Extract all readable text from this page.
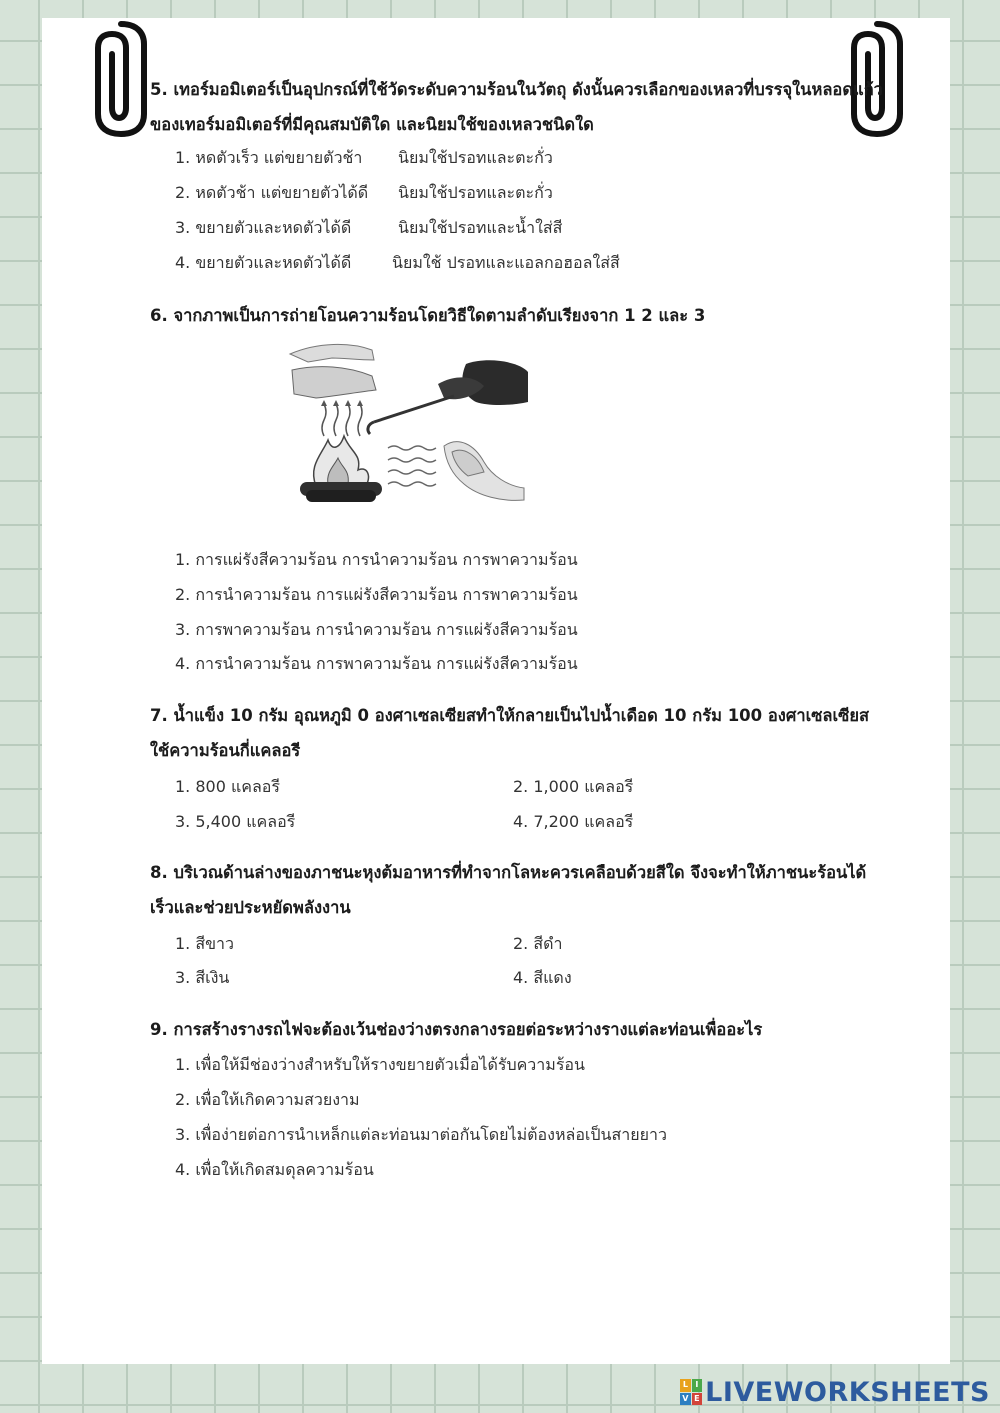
5. เทอร์มอมิเตอร์เป็นอุปกรณ์ที่ใช้วัดระดับความร้อนในวัตถุ ดังนั้นควรเลือกของเหลวที่บรรจุในหลอดแก้วของเทอร์มอมิเตอร์ที่มีคุณสมบัติใด และนิยมใช้ของเหลวชนิดใด
1. หดตัวเร็ว แต่ขยายตัวช้า นิยมใช้ปรอทและตะกั่ว
2. หดตัวช้า แต่ขยายตัวได้ดี นิยมใช้ปรอทและตะกั่ว
3. ขยายตัวและหดตัวได้ดี	นิยมใช้ปรอทและน้ำใส่สี
4. ขยายตัวและหดตัวได้ดี	นิยมใช้ ปรอทและแอลกอฮอลใส่สี
6. จากภาพเป็นการถ่ายโอนความร้อนโดยวิธีใดตามลำดับเรียงจาก 1 2 และ 3
1. การแผ่รังสีความร้อน การนำความร้อน การพาความร้อน
2. การนำความร้อน การแผ่รังสีความร้อน การพาความร้อน
3. การพาความร้อน การนำความร้อน การแผ่รังสีความร้อน
4. การนำความร้อน การพาความร้อน การแผ่รังสีความร้อน
7. น้ำแข็ง 10 กรัม อุณหภูมิ 0 องศาเซลเซียสทำให้กลายเป็นไปน้ำเดือด 10 กรัม 100 องศาเซลเซียส ใช้ความร้อนกี่แคลอรี
1. 800 แคลอรี	2. 1,000 แคลอรี
3. 5,400 แคลอรี	4. 7,200 แคลอรี
8. บริเวณด้านล่างของภาชนะหุงต้มอาหารที่ทำจากโลหะควรเคลือบด้วยสีใด จึงจะทำให้ภาชนะร้อนได้เร็วและช่วยประหยัดพลังงาน
1. สีขาว	2. สีดำ
3. สีเงิน	4. สีแดง
9. การสร้างรางรถไฟจะต้องเว้นช่องว่างตรงกลางรอยต่อระหว่างรางแต่ละท่อนเพื่ออะไร
1. เพื่อให้มีช่องว่างสำหรับให้รางขยายตัวเมื่อได้รับความร้อน
2. เพื่อให้เกิดความสวยงาม
3. เพื่อง่ายต่อการนำเหล็กแต่ละท่อนมาต่อกันโดยไม่ต้องหล่อเป็นสายยาว
4. เพื่อให้เกิดสมดุลความร้อน
L I
V E LIVEWORKSHEETS
